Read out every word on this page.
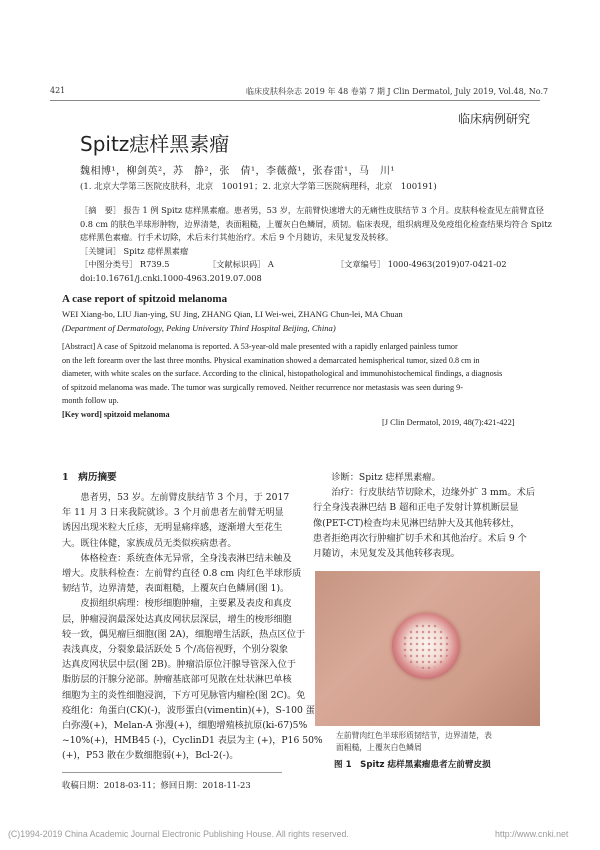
421	临床皮肤科杂志 2019 年 48 卷第 7 期 J Clin Dermatol, July 2019, Vol.48, No.7
临床病例研究
Spitz痣样黑素瘤
魏相博¹，柳剑英²，苏　静²，张　倩¹，李薇薇¹，张春雷¹，马　川¹
(1. 北京大学第三医院皮肤科，北京　100191；2. 北京大学第三医院病理科，北京　100191)
［摘　要］ 报告 1 例 Spitz 痣样黑素瘤。患者男，53 岁，左前臂快速增大的无痛性皮肤结节 3 个月。皮肤科检查见左前臂直径
0.8 cm 的肤色半球形肿物，边界清楚，表面粗糙，上覆灰白色鳞屑，质韧。临床表现，组织病理及免疫组化检查结果均符合 Spitz
痣样黑色素瘤。行手术切除，术后未行其他治疗。术后 9 个月随访，未见复发及转移。
［关键词］ Spitz 痣样黑素瘤
［中图分类号］ R739.5	［文献标识码］ A	［文章编号］ 1000-4963(2019)07-0421-02
doi:10.16761/j.cnki.1000-4963.2019.07.008
A case report of spitzoid melanoma
WEI Xiang-bo, LIU Jian-ying, SU Jing, ZHANG Qian, LI Wei-wei, ZHANG Chun-lei, MA Chuan
(Department of Dermatology, Peking University Third Hospital Beijing, China)
[Abstract] A case of Spitzoid melanoma is reported. A 53-year-old male presented with a rapidly enlarged painless tumor
on the left forearm over the last three months. Physical examination showed a demarcated hemispherical tumor, sized 0.8 cm in
diameter, with white scales on the surface. According to the clinical, histopathological and immunohistochemical findings, a diagnosis
of spitzoid melanoma was made. The tumor was surgically removed. Neither recurrence nor metastasis was seen during 9-
month follow up.
[Key word] spitzoid melanoma
[J Clin Dermatol, 2019, 48(7):421-422]
1　病历摘要
　　患者男，53 岁。左前臂皮肤结节 3 个月，于 2017
年 11 月 3 日来我院就诊。3 个月前患者左前臂无明显
诱因出现米粒大丘疹，无明显痛痒感，逐渐增大至花生
大。既往体健，家族成员无类似疾病患者。
　　体格检查：系统查体无异常，全身浅表淋巴结未触及
增大。皮肤科检查：左前臂约直径 0.8 cm 肉红色半球形质
韧结节，边界清楚，表面粗糙，上覆灰白色鳞屑(图 1)。
　　皮损组织病理：梭形细胞肿瘤，主要累及表皮和真皮
层，肿瘤浸润最深处达真皮网状层深层，增生的梭形细胞
较一致，偶见瘤巨细胞(图 2A)，细胞增生活跃，热点区位于
表浅真皮，分裂象最活跃处 5 个/高倍视野，个别分裂象
达真皮网状层中层(图 2B)。肿瘤沿原位汗腺导管深入位于
脂肪层的汗腺分泌部。肿瘤基底部可见散在灶状淋巴单核
细胞为主的炎性细胞浸润，下方可见脉管内瘤栓(图 2C)。免
疫组化：角蛋白(CK)(-)，波形蛋白(vimentin)(+)，S-100 蛋
白弥漫(+)，Melan-A 弥漫(+)，细胞增殖核抗原(ki-67)5%
~10%(+)，HMB45 (-)，CyclinD1 表层为主 (+)，P16 50%
(+)，P53 散在少数细胞弱(+)，Bcl-2(-)。
收稿日期：2018-03-11；修回日期：2018-11-23
　　诊断：Spitz 痣样黑素瘤。
　　治疗：行皮肤结节切除术，边缘外扩 3 mm。术后
行全身浅表淋巴结 B 超和正电子发射计算机断层显
像(PET-CT)检查均未见淋巴结肿大及其他转移灶，
患者拒绝再次行肿瘤扩切手术和其他治疗。术后 9 个
月随访，未见复发及其他转移表现。
左前臂肉红色半球形质韧结节，边界清楚，表
面粗糙，上覆灰白色鳞屑
图 1　Spitz 痣样黑素瘤患者左前臂皮损
(C)1994-2019 China Academic Journal Electronic Publishing House. All rights reserved.	http://www.cnki.net
